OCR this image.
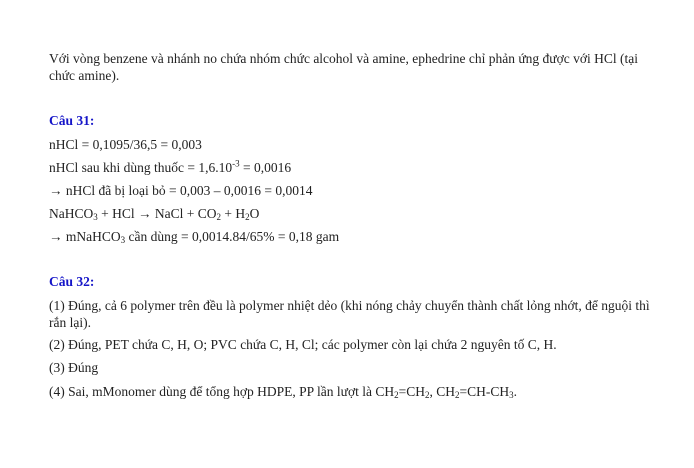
Với vòng benzene và nhánh no chứa nhóm chức alcohol và amine, ephedrine chỉ phản ứng được với HCl (tại chức amine).

Câu 31:

nHCl = 0,1095/36,5 = 0,003

nHCl sau khi dùng thuốc = $1,6.10^{-3} = 0,0016$

→ nHCl đã bị loại bỏ = 0,003 – 0,0016 = 0,0014

NaHCO$_3$ + HCl → NaCl + $CO_2 + H_2O$

→ mNaHCO$_3$ cần dùng = 0,0014.84/65% = 0,18 gam

Câu 32:

(1) Đúng, cả 6 polymer trên đều là polymer nhiệt dẻo (khi nóng chảy chuyển thành chất lỏng nhớt, để nguội thì rắn lại).

(2) Đúng, PET chứa C, H, O; PVC chứa C, H, Cl; các polymer còn lại chứa 2 nguyên tố C, H.

(3) Đúng

(4) Sai, mMonomer dùng để tổng hợp HDPE, PP lần lượt là $CH_2=CH_2$, $CH_2=CH-CH_3$.
